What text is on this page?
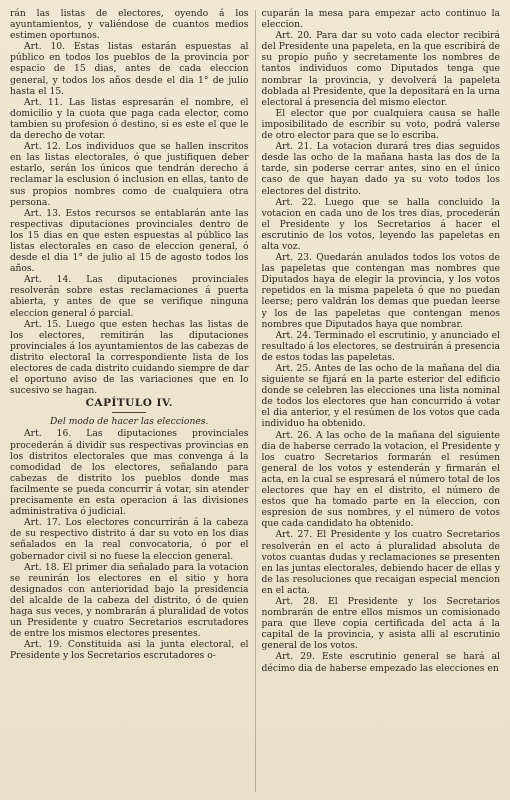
rán las listas de electores, oyendo á los ayuntamientos, y valiéndose de cuantos medios estimen oportunos.

Art. 10. Estas listas estarán espuestas al público en todos los pueblos de la provincia por espacio de 15 dias, antes de cada eleccion general, y todos los años desde el dia 1° de julio hasta el 15.

Art. 11. Las listas espresarán el nombre, el domicilio y la cuota que paga cada elector, como tambien su profesion ó destino, si es este el que le da derecho de votar.

Art. 12. Los individuos que se hallen inscritos en las listas electorales, ó que justifiquen deber estarlo, serán los únicos que tendrán derecho á reclamar la esclusion ó inclusion en ellas, tanto de sus propios nombres como de cualquiera otra persona.

Art. 13. Estos recursos se entablarán ante las respectivas diputaciones provinciales dentro de los 15 dias en que esten espuestas al público las listas electorales en caso de eleccion general, ó desde el dia 1° de julio al 15 de agosto todos los años.

Art. 14. Las diputaciones provinciales resolverán sobre estas reclamaciones á puerta abierta, y antes de que se verifique ninguna eleccion general ó parcial.

Art. 15. Luego que esten hechas las listas de los electores, remitirán las diputaciones provinciales á los ayuntamientos de las cabezas de distrito electoral la correspondiente lista de los electores de cada distrito cuidando siempre de dar el oportuno aviso de las variaciones que en lo sucesivo se hagan.

CAPÍTULO IV.
Del modo de hacer las elecciones.

Art. 16. Las diputaciones provinciales procederán á dividir sus respectivas provincias en los distritos electorales que mas convenga á la comodidad de los electores, señalando para cabezas de distrito los pueblos donde mas facilmente se pueda concurrir á votar, sin atender precisamente en esta operacion á las divisiones administrativa ó judicial.

Art. 17. Los electores concurrirán á la cabeza de su respectivo distrito á dar su voto en los dias señalados en la real convocatoria, ó por el gobernador civil si no fuese la eleccion general.

Art. 18. El primer dia señalado para la votacion se reunirán los electores en el sitio y hora designados con anterioridad bajo la presidencia del alcalde de la cabeza del distrito, ó de quien haga sus veces, y nombrarán á pluralidad de votos un Presidente y cuatro Secretarios escrutadores de entre los mismos electores presentes.

Art. 19. Constituida asi la junta electoral, el Presidente y los Secretarios escrutadores o-

cuparán la mesa para empezar acto continuo la eleccion.

Art. 20. Para dar su voto cada elector recibirá del Presidente una papeleta, en la que escribirá de su propio puño y secretamente los nombres de tantos individuos como Diputados tenga que nombrar la provincia, y devolverá la papeleta doblada al Presidente, que la depositará en la urna electoral á presencia del mismo elector.

El elector que por cualquiera causa se halle imposibilitado de escribir su voto, podrá valerse de otro elector para que se lo escriba.

Art. 21. La votacion durará tres dias seguidos desde las ocho de la mañana hasta las dos de la tarde, sin poderse cerrar antes, sino en el único caso de que hayan dado ya su voto todos los electores del distrito.

Art. 22. Luego que se halla concluido la votacion en cada uno de los tres dias, procederán el Presidente y los Secretarios á hacer el escrutinio de los votos, leyendo las papeletas en alta voz.

Art. 23. Quedarán anulados todos los votos de las papeletas que contengan mas nombres que Diputados haya de elegir la provincia, y los votos repetidos en la misma papeleta ó que no puedan leerse; pero valdrán los demas que puedan leerse y los de las papeletas que contengan menos nombres que Diputados haya que nombrar.

Art. 24. Terminado el escrutinio, y anunciado el resultado á los electores, se destruirán á presencia de estos todas las papeletas.

Art. 25. Antes de las ocho de la mañana del dia siguiente se fijará en la parte esterior del edificio donde se celebren las elecciones una lista nominal de todos los electores que han concurrido á votar el dia anterior, y el resúmen de los votos que cada individuo ha obtenido.

Art. 26. A las ocho de la mañana del siguiente dia de haberse cerrado la votacion, el Presidente y los cuatro Secretarios formarán el resúmen general de los votos y estenderán y firmarán el acta, en la cual se espresará el número total de los electores que hay en el distrito, el número de estos que ha tomado parte en la eleccion, con espresion de sus nombres, y el número de votos que cada candidato ha obtenido.

Art. 27. El Presidente y los cuatro Secretarios resolverán en el acto á pluralidad absoluta de votos cuantas dudas y reclamaciones se presenten en las juntas electorales, debiendo hacer de ellas y de las resoluciones que recaigan especial mencion en el acta.

Art. 28. El Presidente y los Secretarios nombrarán de entre ellos mismos un comisionado para que lleve copia certificada del acta á la capital de la provincia, y asista alli al escrutinio general de los votos.

Art. 29. Este escrutinio general se hará al décimo dia de haberse empezado las elecciones en
